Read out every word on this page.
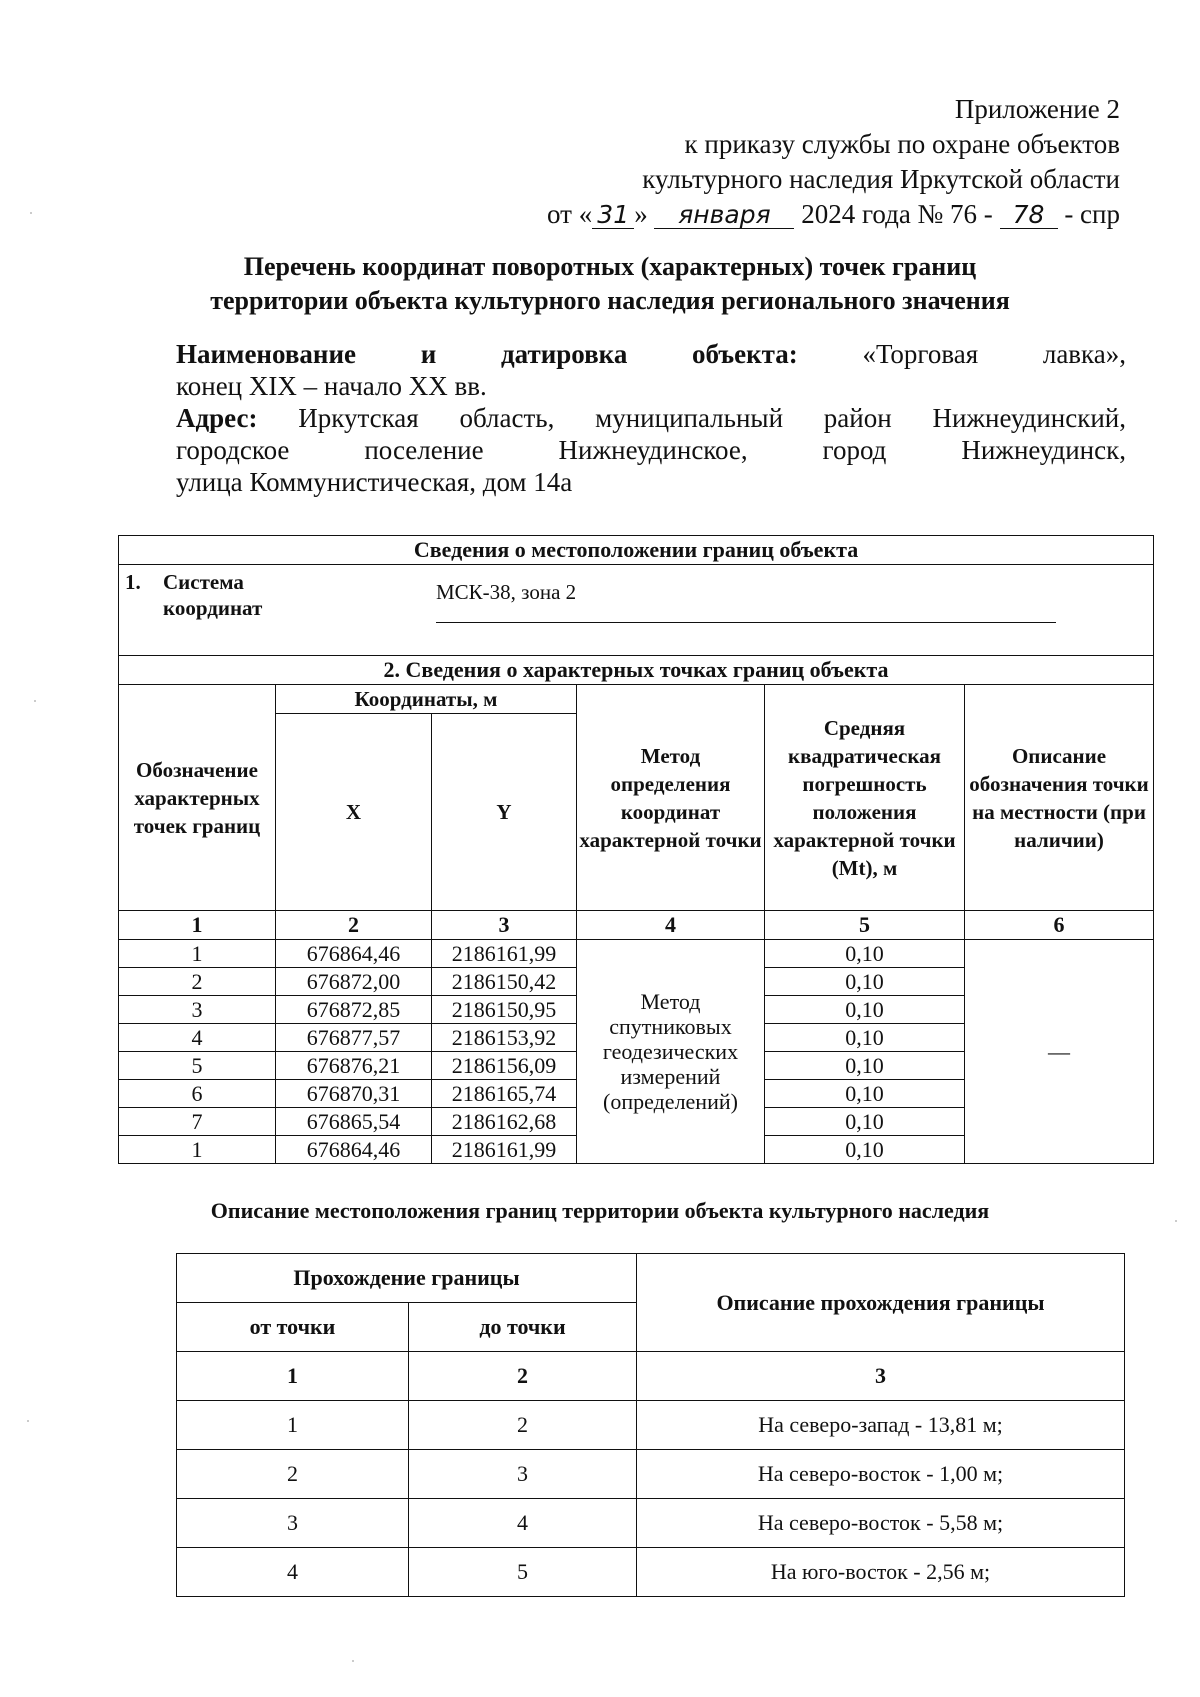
Приложение 2
к приказу службы по охране объектов
культурного наследия Иркутской области
от « 31 » января 2024 года № 76 - 78 - спр
Перечень координат поворотных (характерных) точек границ
территории объекта культурного наследия регионального значения
Наименование и датировка объекта: «Торговая лавка»,
конец XIX – начало XX вв.
Адрес: Иркутская область, муниципальный район Нижнеудинский,
городское поселение Нижнеудинское, город Нижнеудинск,
улица Коммунистическая, дом 14а
Сведения о местоположении границ объекта					

1. Система координат
МСК-38, зона 2					

2. Сведения о характерных точках границ объекта					
Обозначение характерных точек границ	Координаты, м		Метод определения координат характерной точки	Средняя квадратическая погрешность положения характерной точки (Mt), м	Описание обозначения точки на местности (при наличии)
	X	Y			
1	2	3	4	5	6
1	676864,46	2186161,99	Метод спутниковых геодезических измерений (определений)	0,10	—
2	676872,00	2186150,42		0,10	
3	676872,85	2186150,95		0,10	
4	676877,57	2186153,92		0,10	
5	676876,21	2186156,09		0,10	
6	676870,31	2186165,74		0,10	
7	676865,54	2186162,68		0,10	
1	676864,46	2186161,99		0,10	
Описание местоположения границ территории объекта культурного наследия
Прохождение границы		Описание прохождения границы
от точки	до точки	
1	2	3
1	2	На северо-запад - 13,81 м;
2	3	На северо-восток - 1,00 м;
3	4	На северо-восток - 5,58 м;
4	5	На юго-восток - 2,56 м;
